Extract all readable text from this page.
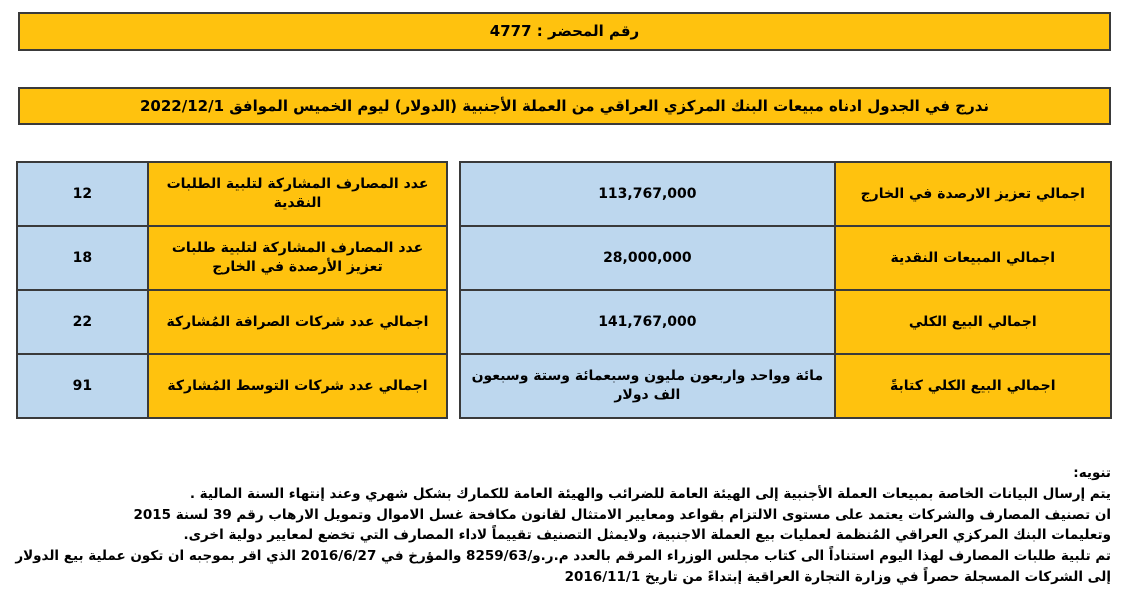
رقم المحضر : 4777
ندرج في الجدول ادناه مبيعات البنك المركزي العراقي من العملة الأجنبية (الدولار) ليوم الخميس الموافق 2022/12/1
اجمالي تعزيز الارصدة في الخارج	113,767,000		عدد المصارف المشاركة لتلبية الطلبات النقدية	12
اجمالي المبيعات النقدية	28,000,000		عدد المصارف المشاركة لتلبية طلبات تعزيز الأرصدة في الخارج	18
اجمالي البيع الكلي	141,767,000		اجمالي عدد شركات الصرافة المُشاركة	22
اجمالي البيع الكلي كتابةً	مائة وواحد واربعون مليون وسبعمائة وستة وسبعون الف دولار		اجمالي عدد شركات التوسط المُشاركة	91
تنويه:
يتم إرسال البيانات الخاصة بمبيعات العملة الأجنبية إلى الهيئة العامة للضرائب والهيئة العامة للكمارك بشكل شهري وعند إنتهاء السنة المالية .
ان تصنيف المصارف والشركات يعتمد على مستوى الالتزام بقواعد ومعايير الامتثال لقانون مكافحة غسل الاموال وتمويل الارهاب رقم 39 لسنة 2015
وتعليمات البنك المركزي العراقي المُنظمة لعمليات بيع العملة الاجنبية، ولايمثل التصنيف تقييماً لاداء المصارف التي تخضع لمعايير دولية اخرى.
تم تلبية طلبات المصارف لهذا اليوم استناداً الى كتاب مجلس الوزراء المرقم بالعدد م.ر.و/8259/63 والمؤرخ في 2016/6/27 الذي اقر بموجبه ان تكون عملية بيع الدولار
إلى الشركات المسجلة حصراً في وزارة التجارة العراقية إبتداءً من تاريخ 2016/11/1
